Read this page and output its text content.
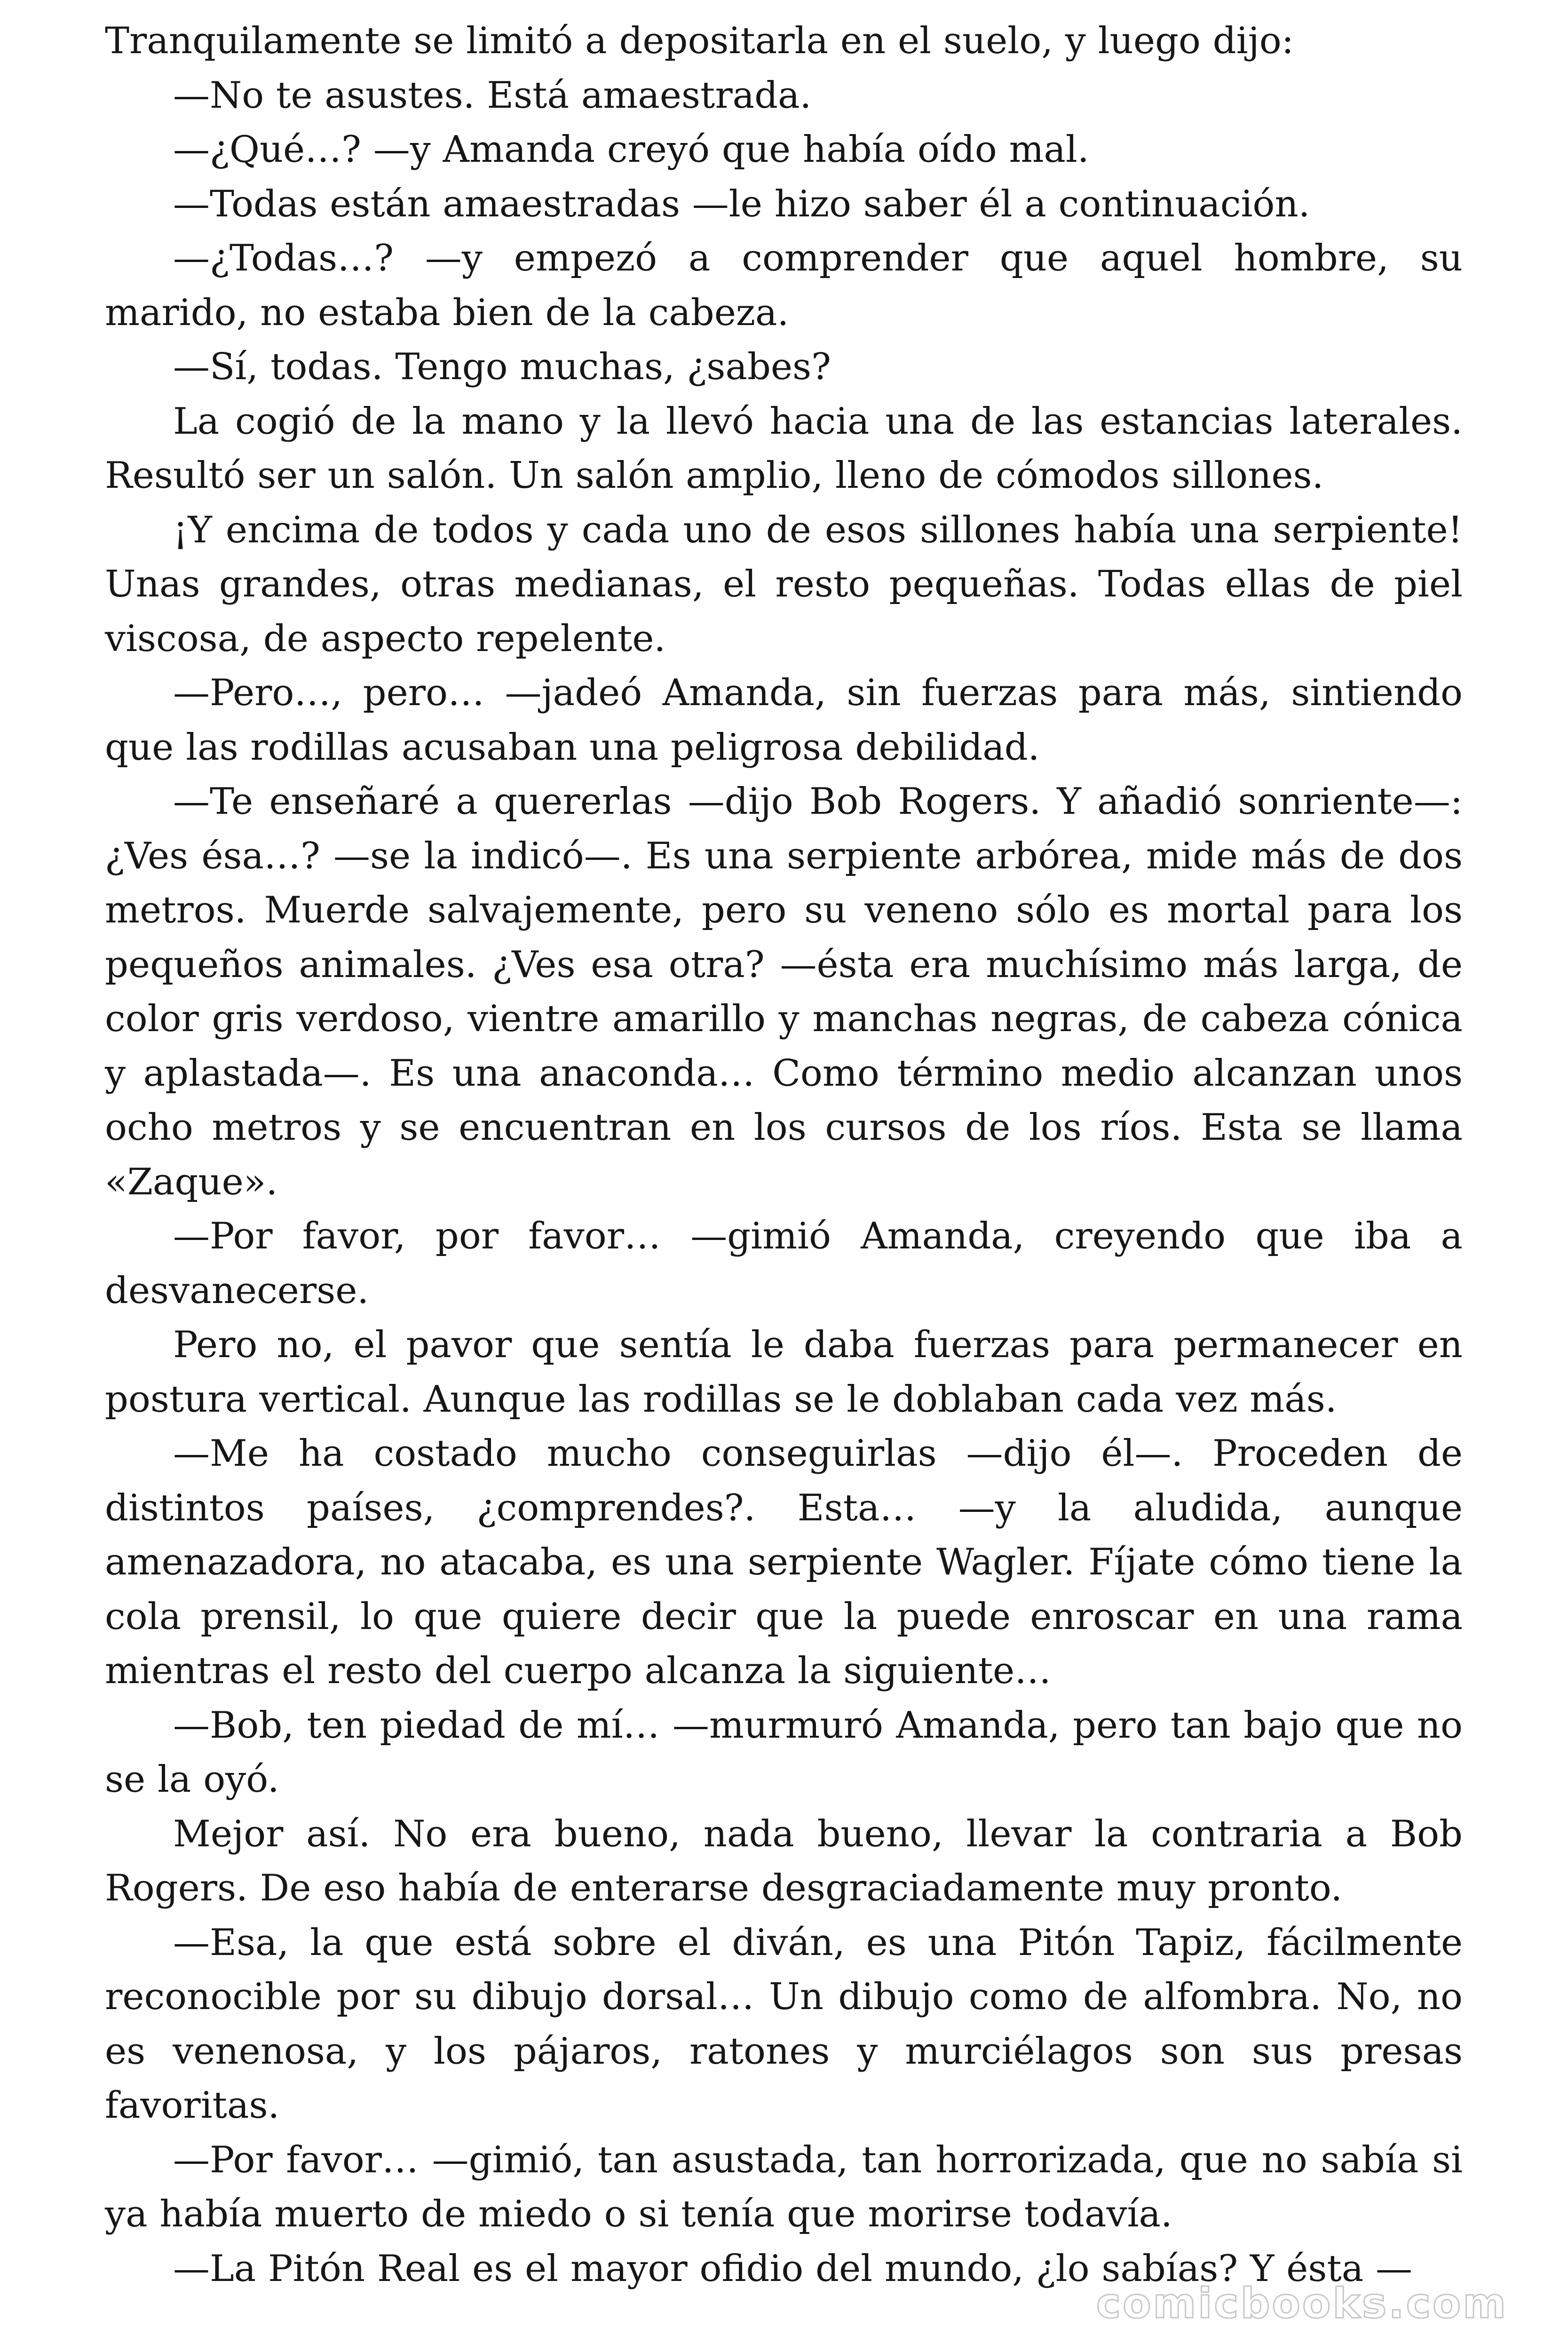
Tranquilamente se limitó a depositarla en el suelo, y luego dijo:

—No te asustes. Está amaestrada.

—¿Qué…? —y Amanda creyó que había oído mal.

—Todas están amaestradas —le hizo saber él a continuación.

—¿Todas…? —y empezó a comprender que aquel hombre, su marido, no estaba bien de la cabeza.

—Sí, todas. Tengo muchas, ¿sabes?

La cogió de la mano y la llevó hacia una de las estancias laterales. Resultó ser un salón. Un salón amplio, lleno de cómodos sillones.

¡Y encima de todos y cada uno de esos sillones había una serpiente! Unas grandes, otras medianas, el resto pequeñas. Todas ellas de piel viscosa, de aspecto repelente.

—Pero…, pero… —jadeó Amanda, sin fuerzas para más, sintiendo que las rodillas acusaban una peligrosa debilidad.

—Te enseñaré a quererlas —dijo Bob Rogers. Y añadió sonriente—: ¿Ves ésa…? —se la indicó—. Es una serpiente arbórea, mide más de dos metros. Muerde salvajemente, pero su veneno sólo es mortal para los pequeños animales. ¿Ves esa otra? —ésta era muchísimo más larga, de color gris verdoso, vientre amarillo y manchas negras, de cabeza cónica y aplastada—. Es una anaconda… Como término medio alcanzan unos ocho metros y se encuentran en los cursos de los ríos. Esta se llama «Zaque».

—Por favor, por favor… —gimió Amanda, creyendo que iba a desvanecerse.

Pero no, el pavor que sentía le daba fuerzas para permanecer en postura vertical. Aunque las rodillas se le doblaban cada vez más.

—Me ha costado mucho conseguirlas —dijo él—. Proceden de distintos países, ¿comprendes?. Esta… —y la aludida, aunque amenazadora, no atacaba, es una serpiente Wagler. Fíjate cómo tiene la cola prensil, lo que quiere decir que la puede enroscar en una rama mientras el resto del cuerpo alcanza la siguiente…

—Bob, ten piedad de mí… —murmuró Amanda, pero tan bajo que no se la oyó.

Mejor así. No era bueno, nada bueno, llevar la contraria a Bob Rogers. De eso había de enterarse desgraciadamente muy pronto.

—Esa, la que está sobre el diván, es una Pitón Tapiz, fácilmente reconocible por su dibujo dorsal… Un dibujo como de alfombra. No, no es venenosa, y los pájaros, ratones y murciélagos son sus presas favoritas.

—Por favor… —gimió, tan asustada, tan horrorizada, que no sabía si ya había muerto de miedo o si tenía que morirse todavía.

—La Pitón Real es el mayor ofidio del mundo, ¿lo sabías? Y ésta —

comicbooks.com
